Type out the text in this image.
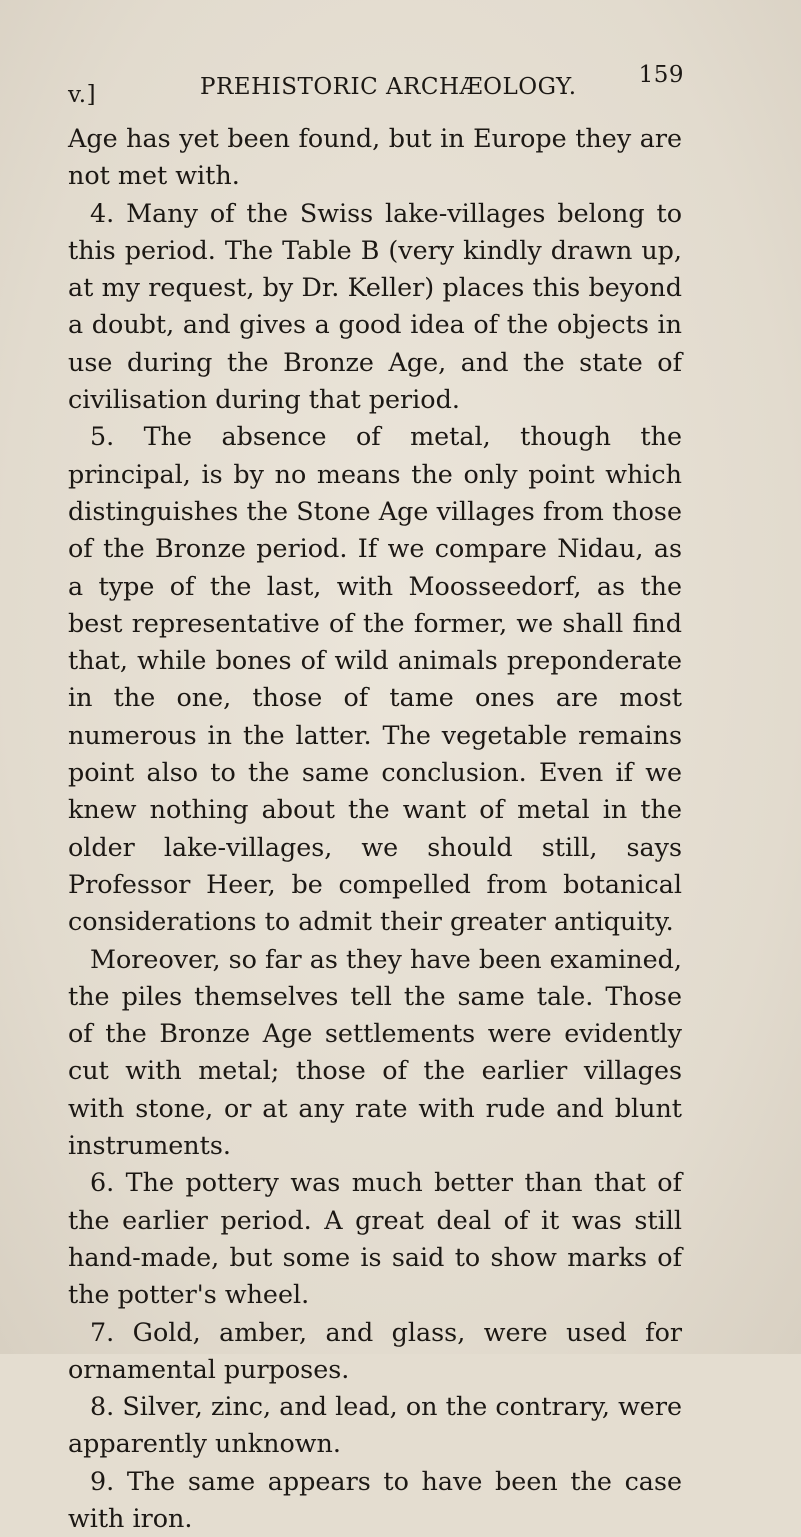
v.]	PREHISTORIC ARCHÆOLOGY.	159

Age has yet been found, but in Europe they are not met with.

4. Many of the Swiss lake-villages belong to this period. The Table B (very kindly drawn up, at my request, by Dr. Keller) places this beyond a doubt, and gives a good idea of the objects in use during the Bronze Age, and the state of civilisation during that period.

5. The absence of metal, though the principal, is by no means the only point which distinguishes the Stone Age villages from those of the Bronze period. If we compare Nidau, as a type of the last, with Moosseedorf, as the best representative of the former, we shall find that, while bones of wild animals preponderate in the one, those of tame ones are most numerous in the latter. The vegetable remains point also to the same conclusion. Even if we knew nothing about the want of metal in the older lake-villages, we should still, says Professor Heer, be compelled from botanical considerations to admit their greater antiquity.

Moreover, so far as they have been examined, the piles themselves tell the same tale. Those of the Bronze Age settlements were evidently cut with metal; those of the earlier villages with stone, or at any rate with rude and blunt instruments.

6. The pottery was much better than that of the earlier period. A great deal of it was still hand-made, but some is said to show marks of the potter's wheel.

7. Gold, amber, and glass, were used for ornamental purposes.

8. Silver, zinc, and lead, on the contrary, were apparently unknown.

9. The same appears to have been the case with iron.
